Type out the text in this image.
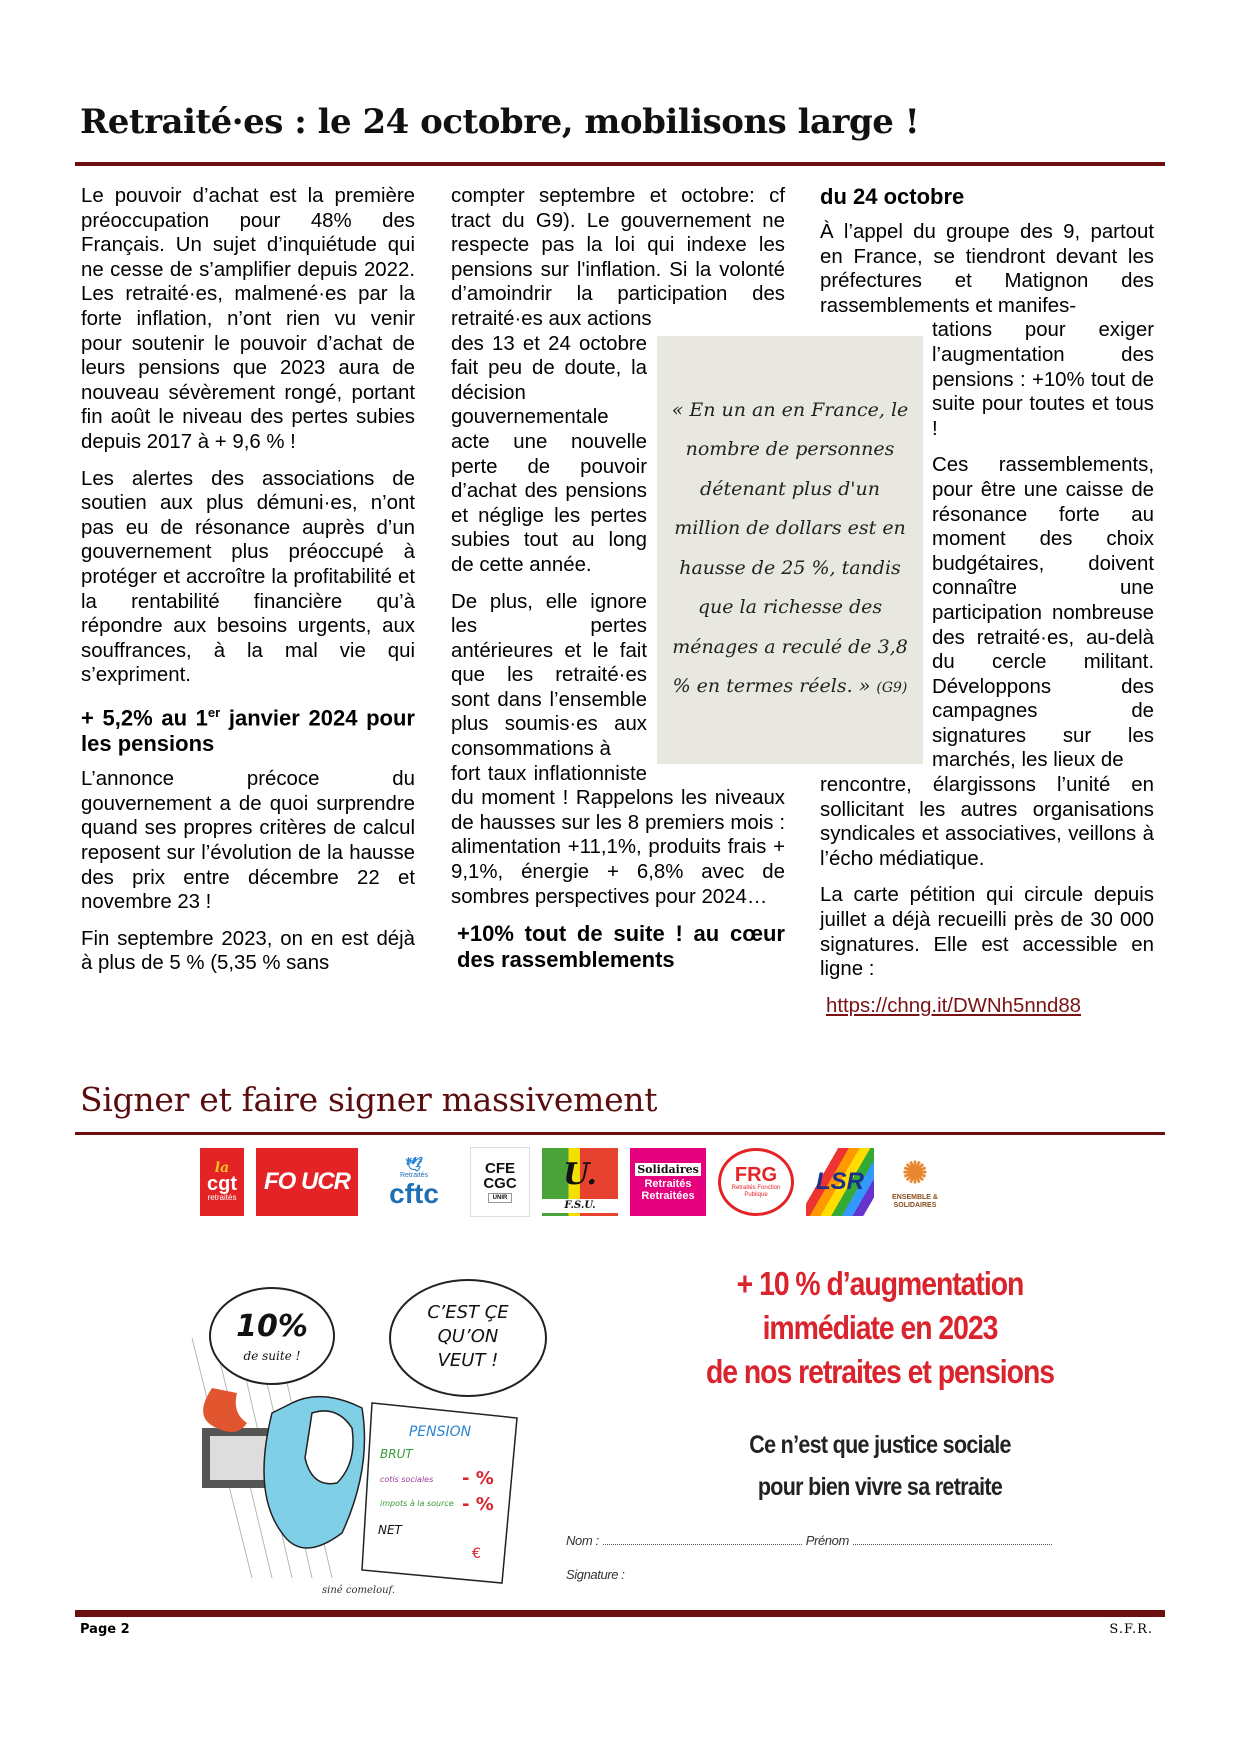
Retraité·es : le 24 octobre, mobilisons large !

Le pouvoir d’achat est la première préoccupation pour 48% des Français. Un sujet d’inquiétude qui ne cesse de s’amplifier depuis 2022. Les retraité·es, malmené·es par la forte inflation, n’ont rien vu venir pour soutenir le pouvoir d’achat de leurs pensions que 2023 aura de nouveau sévèrement rongé, portant fin août le niveau des pertes subies depuis 2017 à + 9,6 % !

Les alertes des associations de soutien aux plus démuni·es, n’ont pas eu de résonance auprès d’un gouvernement plus préoccupé à protéger et accroître la profitabilité et la rentabilité financière qu’à répondre aux besoins urgents, aux souffrances, à la mal vie qui s’expriment.

+ 5,2% au 1er janvier 2024 pour les pensions

L’annonce précoce du gouvernement a de quoi surprendre quand ses propres critères de calcul reposent sur l’évolution de la hausse des prix entre décembre 22 et novembre 23 !

Fin septembre 2023, on en est déjà à plus de 5 % (5,35 % sans

compter septembre et octobre: cf tract du G9). Le gouvernement ne respecte pas la loi qui indexe les pensions sur l'inflation. Si la volonté d’amoindrir la participation des retraité·es aux actions

des 13 et 24 octobre fait peu de doute, la décision gouvernementale acte une nouvelle perte de pouvoir d’achat des pensions et néglige les pertes subies tout au long de cette année.

De plus, elle ignore les pertes antérieures et le fait que les retraité·es sont dans l’ensemble plus soumis·es aux consommations à

fort taux inflationniste du moment ! Rappelons les niveaux de hausses sur les 8 premiers mois : alimentation +11,1%, produits frais + 9,1%, énergie + 6,8% avec de sombres perspectives pour 2024…

+10% tout de suite ! au cœur des rassemblements
« En un an en France, le nombre de personnes détenant plus d'un million de dollars est en hausse de 25 %, tandis que la richesse des ménages a reculé de 3,8 % en termes réels. » (G9)
du 24 octobre

À l’appel du groupe des 9, partout en France, se tiendront devant les préfectures et Matignon des rassemblements et manifes-

tations pour exiger l’augmentation des pensions : +10% tout de suite pour toutes et tous !

Ces rassemblements, pour être une caisse de résonance forte au moment des choix budgétaires, doivent connaître une participation nombreuse des retraité·es, au-delà du cercle militant. Développons des campagnes de signatures sur les marchés, les lieux de

rencontre, élargissons l’unité en sollicitant les autres organisations syndicales et associatives, veillons à l’écho médiatique.

La carte pétition qui circule depuis juillet a déjà recueilli près de 30 000 signatures. Elle est accessible en ligne :

https://chng.it/DWNh5nnd88

Signer et faire signer massivement
la
cgt
retraités
FO UCR
🕊
Retraités
cftc
CFE CGC
UNIR
U.
F.S.U.
Solidaires
Retraités Retraitées
FRG
Retraités Fonction Publique	LSR ✺
ENSEMBLE & SOLIDAIRES
10%
de suite !
C’EST ÇE
QU’ON
VEUT !
PENSION
BRUT
cotis sociales - %
impots à la source - %
NET
€
siné comelouf.
+ 10 % d’augmentation
immédiate en 2023
de nos retraites et pensions
Ce n’est que justice sociale
pour bien vivre sa retraite
Nom :	Prénom
Signature :
Page 2	S.F.R.
